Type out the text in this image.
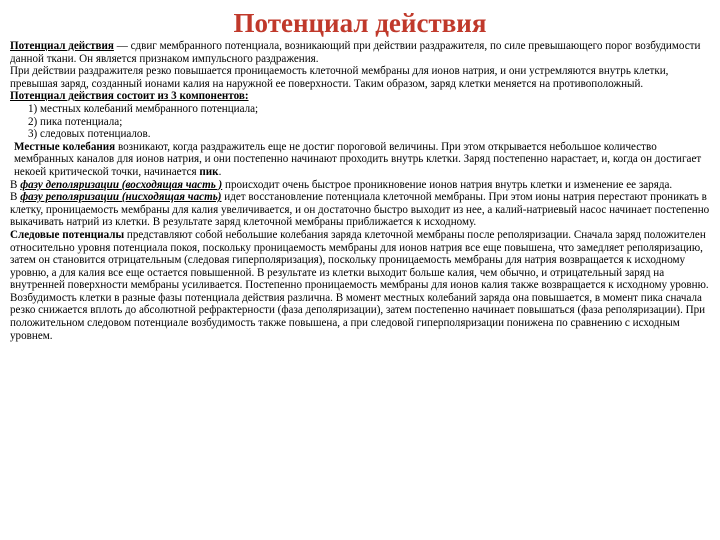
Потенциал действия

Потенциал действия — сдвиг мембранного потенциала, возникающий при действии раздражителя, по силе превышающего порог возбудимости данной ткани. Он является признаком импульсного раздражения.

При действии раздражителя резко повышается проницаемость клеточной мембраны для ионов натрия, и они устремляются внутрь клетки, превышая заряд, созданный ионами калия на наружной ее поверхности. Таким образом, заряд клетки меняется на противоположный.

Потенциал действия состоит из 3 компонентов:

1) местных колебаний мембранного потенциала;

2) пика потенциала;

3) следовых потенциалов.

Местные колебания возникают, когда раздражитель еще не достиг пороговой величины. При этом открывается небольшое количество мембранных каналов для ионов натрия, и они постепенно начинают проходить внутрь клетки. Заряд постепенно нарастает, и, когда он достигает некоей критической точки, начинается пик.

В фазу деполяризации (восходящая часть ) происходит очень быстрое проникновение ионов натрия внутрь клетки и изменение ее заряда.

В фазу реполяризации (нисходящая часть) идет восстановление потенциала клеточной мембраны. При этом ионы натрия перестают проникать в клетку, проницаемость мембраны для калия увеличивается, и он достаточно быстро выходит из нее, а калий-натриевый насос начинает постепенно выкачивать натрий из клетки. В результате заряд клеточной мембраны приближается к исходному.

Следовые потенциалы представляют собой небольшие колебания заряда клеточной мембраны после реполяризации. Сначала заряд положителен относительно уровня потенциала покоя, поскольку проницаемость мембраны для ионов натрия все еще повышена, что замедляет реполяризацию, затем он становится отрицательным (следовая гиперполяризация), поскольку проницаемость мембраны для натрия возвращается к исходному уровню, а для калия все еще остается повышенной. В результате из клетки выходит больше калия, чем обычно, и отрицательный заряд на внутренней поверхности мембраны усиливается. Постепенно проницаемость мембраны для ионов калия также возвращается к исходному уровню.

Возбудимость клетки в разные фазы потенциала действия различна. В момент местных колебаний заряда она повышается, в момент пика сначала резко снижается вплоть до абсолютной рефрактерности (фаза деполяризации), затем постепенно начинает повышаться (фаза реполяризации). При положительном следовом потенциале возбудимость также повышена, а при следовой гиперполяризации понижена по сравнению с исходным уровнем.
